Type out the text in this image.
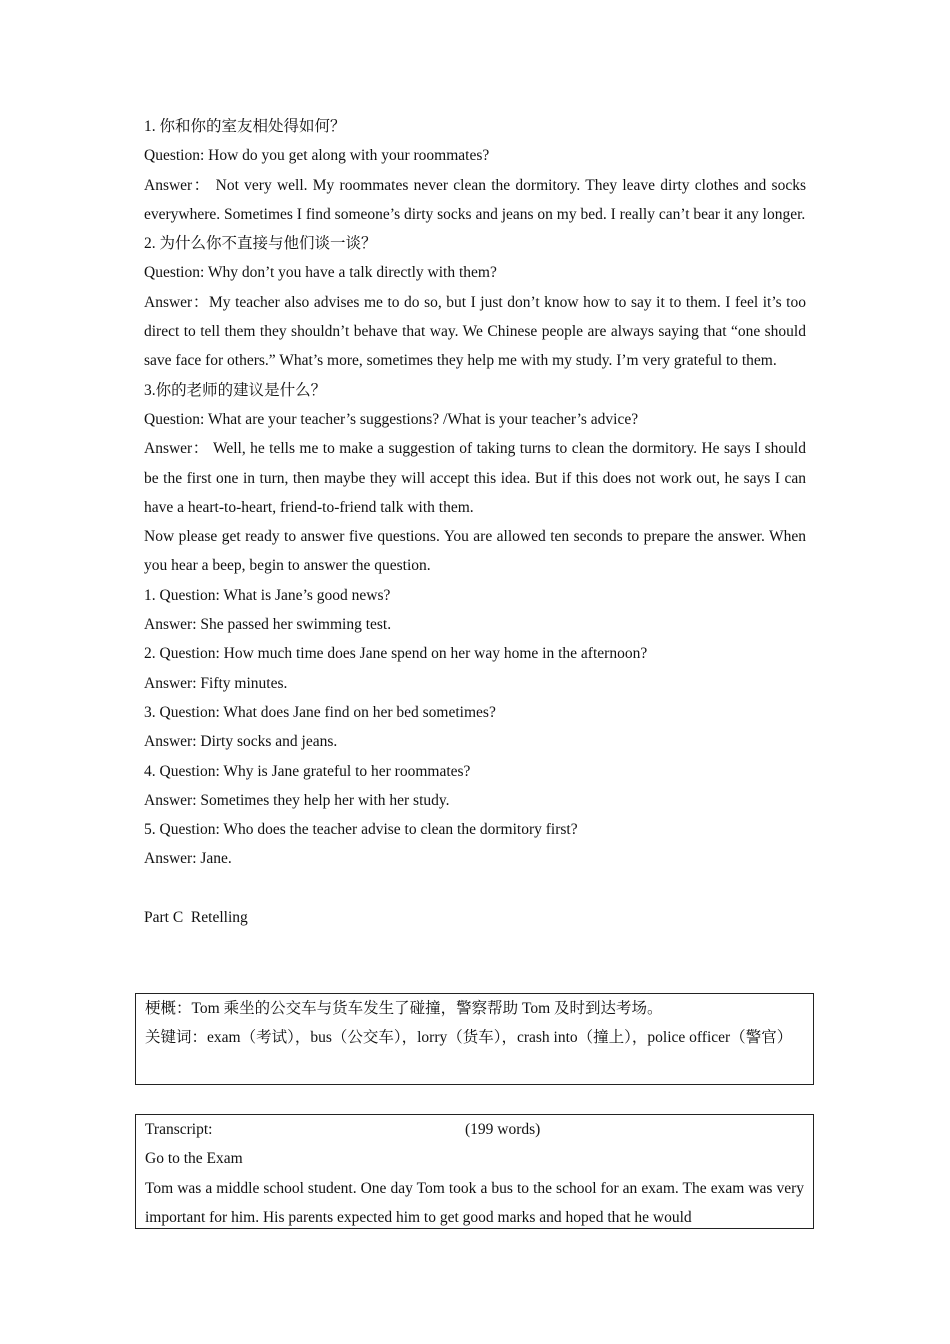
1. 你和你的室友相处得如何？

Question: How do you get along with your roommates?

Answer： Not very well. My roommates never clean the dormitory. They leave dirty clothes and socks everywhere. Sometimes I find someone’s dirty socks and jeans on my bed. I really can’t bear it any longer.

2. 为什么你不直接与他们谈一谈？

Question: Why don’t you have a talk directly with them?

Answer：My teacher also advises me to do so, but I just don’t know how to say it to them. I feel it’s too direct to tell them they shouldn’t behave that way. We Chinese people are always saying that “one should save face for others.” What’s more, sometimes they help me with my study. I’m very grateful to them.

3.你的老师的建议是什么？

Question: What are your teacher’s suggestions? /What is your teacher’s advice?

Answer： Well, he tells me to make a suggestion of taking turns to clean the dormitory. He says I should be the first one in turn, then maybe they will accept this idea. But if this does not work out, he says I can have a heart-to-heart, friend-to-friend talk with them.

Now please get ready to answer five questions. You are allowed ten seconds to prepare the answer. When you hear a beep, begin to answer the question.

1. Question: What is Jane’s good news?

Answer: She passed her swimming test.

2. Question: How much time does Jane spend on her way home in the afternoon?

Answer: Fifty minutes.

3. Question: What does Jane find on her bed sometimes?

Answer: Dirty socks and jeans.

4. Question: Why is Jane grateful to her roommates?

Answer: Sometimes they help her with her study.

5. Question: Who does the teacher advise to clean the dormitory first?

Answer: Jane.

Part C  Retelling

梗概：Tom 乘坐的公交车与货车发生了碰撞，警察帮助 Tom 及时到达考场。

关键词：exam（考试），bus（公交车），lorry（货车），crash into（撞上），police officer（警官）

Transcript:	(199 words)

Go to the Exam

Tom was a middle school student. One day Tom took a bus to the school for an exam. The exam was very important for him. His parents expected him to get good marks and hoped that he would
